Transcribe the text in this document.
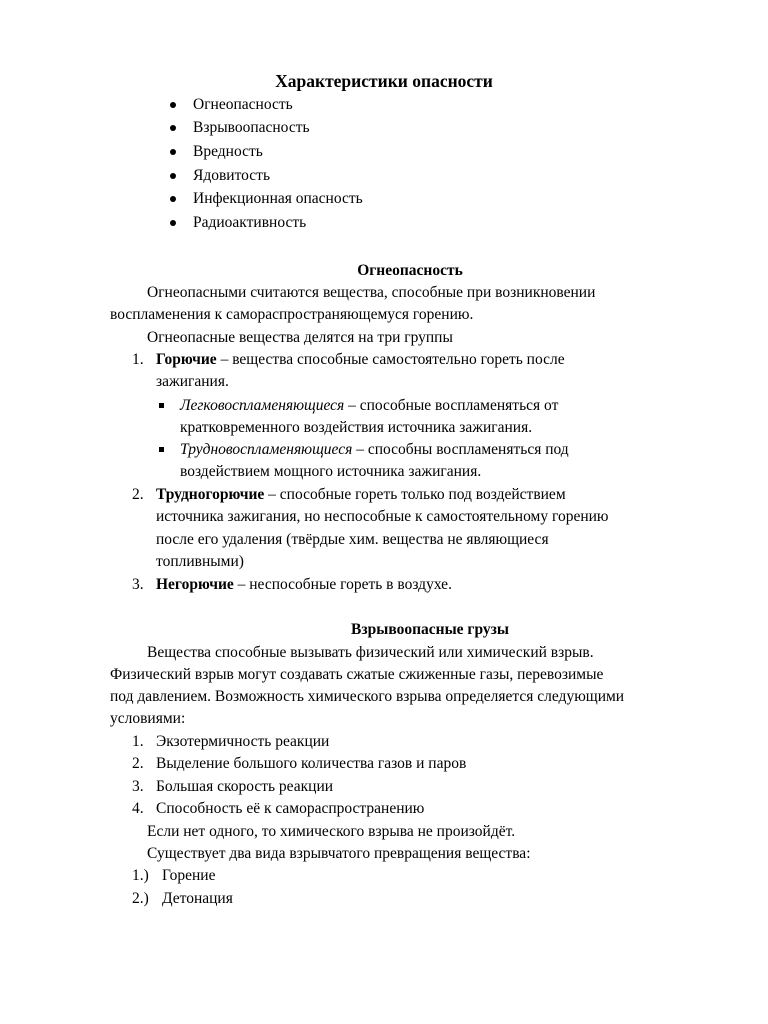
Характеристики опасности
Огнеопасность
Взрывоопасность
Вредность
Ядовитость
Инфекционная опасность
Радиоактивность
Огнеопасность
Огнеопасными считаются вещества, способные при возникновении
воспламенения к самораспространяющемуся горению.
Огнеопасные вещества делятся на три группы
1. Горючие – вещества способные самостоятельно гореть после
зажигания.
Легковоспламеняющиеся – способные воспламеняться от
кратковременного воздействия источника зажигания.
Трудновоспламеняющиеся – способны воспламеняться под
воздействием мощного источника зажигания.
2. Трудногорючие – способные гореть только под воздействием
источника зажигания, но неспособные к самостоятельному горению
после его удаления (твёрдые хим. вещества не являющиеся
топливными)
3. Негорючие – неспособные гореть в воздухе.
Взрывоопасные грузы
Вещества способные вызывать физический или химический взрыв.
Физический взрыв могут создавать сжатые сжиженные газы, перевозимые
под давлением. Возможность химического взрыва определяется следующими
условиями:
1. Экзотермичность реакции
2. Выделение большого количества газов и паров
3. Большая скорость реакции
4. Способность её к самораспространению
Если нет одного, то химического взрыва не произойдёт.
Существует два вида взрывчатого превращения вещества:
1.) Горение
2.) Детонация
